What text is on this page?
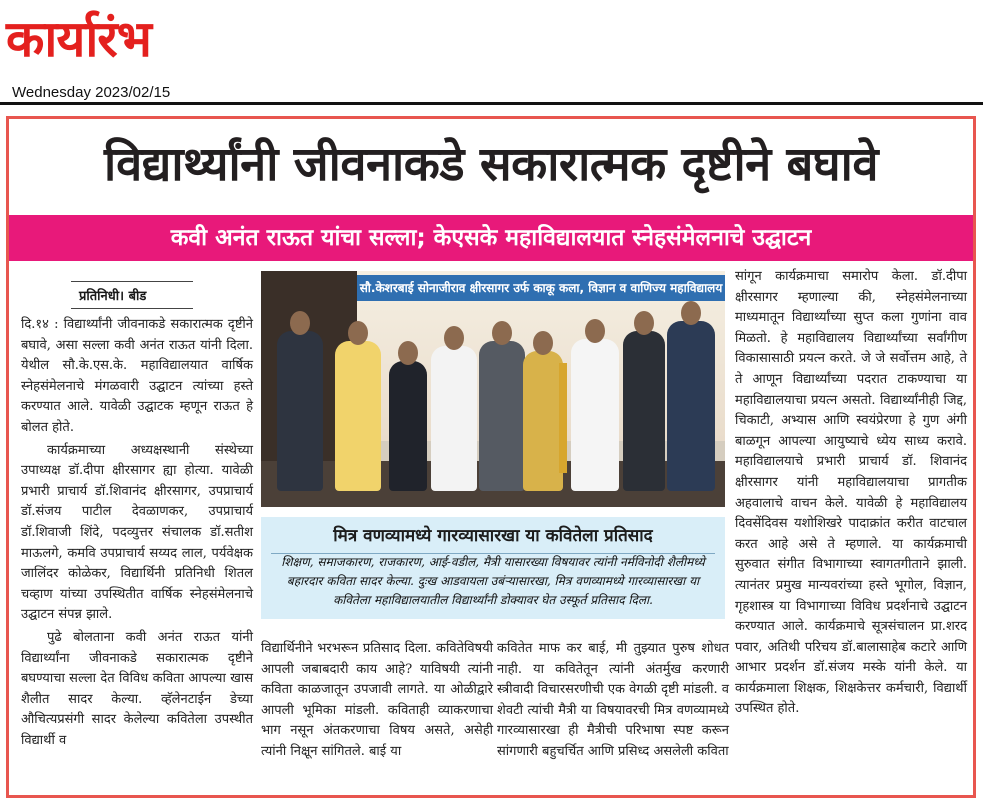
कार्यारंभ
Wednesday 2023/02/15
विद्यार्थ्यांनी जीवनाकडे सकारात्मक दृष्टीने बघावे
कवी अनंत राऊत यांचा सल्ला; केएसके महाविद्यालयात स्नेहसंमेलनाचे उद्घाटन
प्रतिनिधी। बीड

दि.१४ : विद्यार्थ्यांनी जीवनाकडे सकारात्मक दृष्टीने बघावे, असा सल्ला कवी अनंत राऊत यांनी दिला. येथील सौ.के.एस.के. महाविद्यालयात वार्षिक स्नेहसंमेलनाचे मंगळवारी उद्घाटन त्यांच्या हस्ते करण्यात आले. यावेळी उद्घाटक म्हणून राऊत हे बोलत होते.

कार्यक्रमाच्या अध्यक्षस्थानी संस्थेच्या उपाध्यक्ष डॉ.दीपा क्षीरसागर ह्या होत्या. यावेळी प्रभारी प्राचार्य डॉ.शिवानंद क्षीरसागर, उपप्राचार्य डॉ.संजय पाटील देवळाणकर, उपप्राचार्य डॉ.शिवाजी शिंदे, पदव्युत्तर संचालक डॉ.सतीश माऊलगे, कमवि उपप्राचार्य सय्यद लाल, पर्यवेक्षक जालिंदर कोळेकर, विद्यार्थिनी प्रतिनिधी शितल चव्हाण यांच्या उपस्थितीत वार्षिक स्नेहसंमेलनाचे उद्घाटन संपन्न झाले.

पुढे बोलताना कवी अनंत राऊत यांनी विद्यार्थ्यांना जीवनाकडे सकारात्मक दृष्टीने बघण्याचा सल्ला देत विविध कविता आपल्या खास शैलीत सादर केल्या. व्हॅलेनटाईन डेच्या औचित्यप्रसंगी सादर केलेल्या कवितेला उपस्थीत विद्यार्थी व

सौ.केशरबाई सोनाजीराव क्षीरसागर उर्फ काकू कला, विज्ञान व वाणिज्य महाविद्यालय
मित्र वणव्यामध्ये गारव्यासारखा या कवितेला प्रतिसाद
शिक्षण, समाजकारण, राजकारण, आई-वडील, मैत्री यासारख्या विषयावर त्यांनी नर्मविनोदी शैलीमध्ये बहारदार कविता सादर केल्या. दुःख आडवायला उबंऱ्यासारखा, मित्र वणव्यामध्ये गारव्यासारखा या कवितेला महाविद्यालयातील विद्यार्थ्यांनी डोक्यावर घेत उस्फूर्त प्रतिसाद दिला.

विद्यार्थिनीने भरभरून प्रतिसाद दिला. कवितेविषयी आपली जबाबदारी काय आहे? याविषयी त्यांनी कविता काळजातून उपजावी लागते. या ओळीद्वारे आपली भूमिका मांडली. कविताही व्याकरणाचा भाग नसून अंतकरणाचा विषय असते, असेही त्यांनी निक्षून सांगितले. बाई या

कवितेत माफ कर बाई, मी तुझ्यात पुरुष शोधत नाही. या कवितेतून त्यांनी अंतर्मुख करणारी स्त्रीवादी विचारसरणीची एक वेगळी दृष्टी मांडली. व शेवटी त्यांची मैत्री या विषयावरची मित्र वणव्यामध्ये गारव्यासारखा ही मैत्रीची परिभाषा स्पष्ट करून सांगणारी बहुचर्चित आणि प्रसिध्द असलेली कविता

सांगून कार्यक्रमाचा समारोप केला. डॉ.दीपा क्षीरसागर म्हणाल्या की, स्नेहसंमेलनाच्या माध्यमातून विद्यार्थ्यांच्या सुप्त कला गुणांना वाव मिळतो. हे महाविद्यालय विद्यार्थ्यांच्या सर्वांगीण विकासासाठी प्रयत्न करते. जे जे सर्वोत्तम आहे, ते ते आणून विद्यार्थ्यांच्या पदरात टाकण्याचा या महाविद्यालयाचा प्रयत्न असतो. विद्यार्थ्यांनीही जिद्द, चिकाटी, अभ्यास आणि स्वयंप्रेरणा हे गुण अंगी बाळगून आपल्या आयुष्याचे ध्येय साध्य करावे. महाविद्यालयाचे प्रभारी प्राचार्य डॉ. शिवानंद क्षीरसागर यांनी महाविद्यालयाचा प्रागतीक अहवालाचे वाचन केले. यावेळी हे महाविद्यालय दिवसेंदिवस यशोशिखरे पादाक्रांत करीत वाटचाल करत आहे असे ते म्हणाले. या कार्यक्रमाची सुरुवात संगीत विभागाच्या स्वागतगीताने झाली. त्यानंतर प्रमुख मान्यवरांच्या हस्ते भूगोल, विज्ञान, गृहशास्त्र या विभागाच्या विविध प्रदर्शनाचे उद्घाटन करण्यात आले. कार्यक्रमाचे सूत्रसंचालन प्रा.शरद पवार, अतिथी परिचय डॉ.बालासाहेब कटारे आणि आभार प्रदर्शन डॉ.संजय मस्के यांनी केले. या कार्यक्रमाला शिक्षक, शिक्षकेत्तर कर्मचारी, विद्यार्थी उपस्थित होते.
